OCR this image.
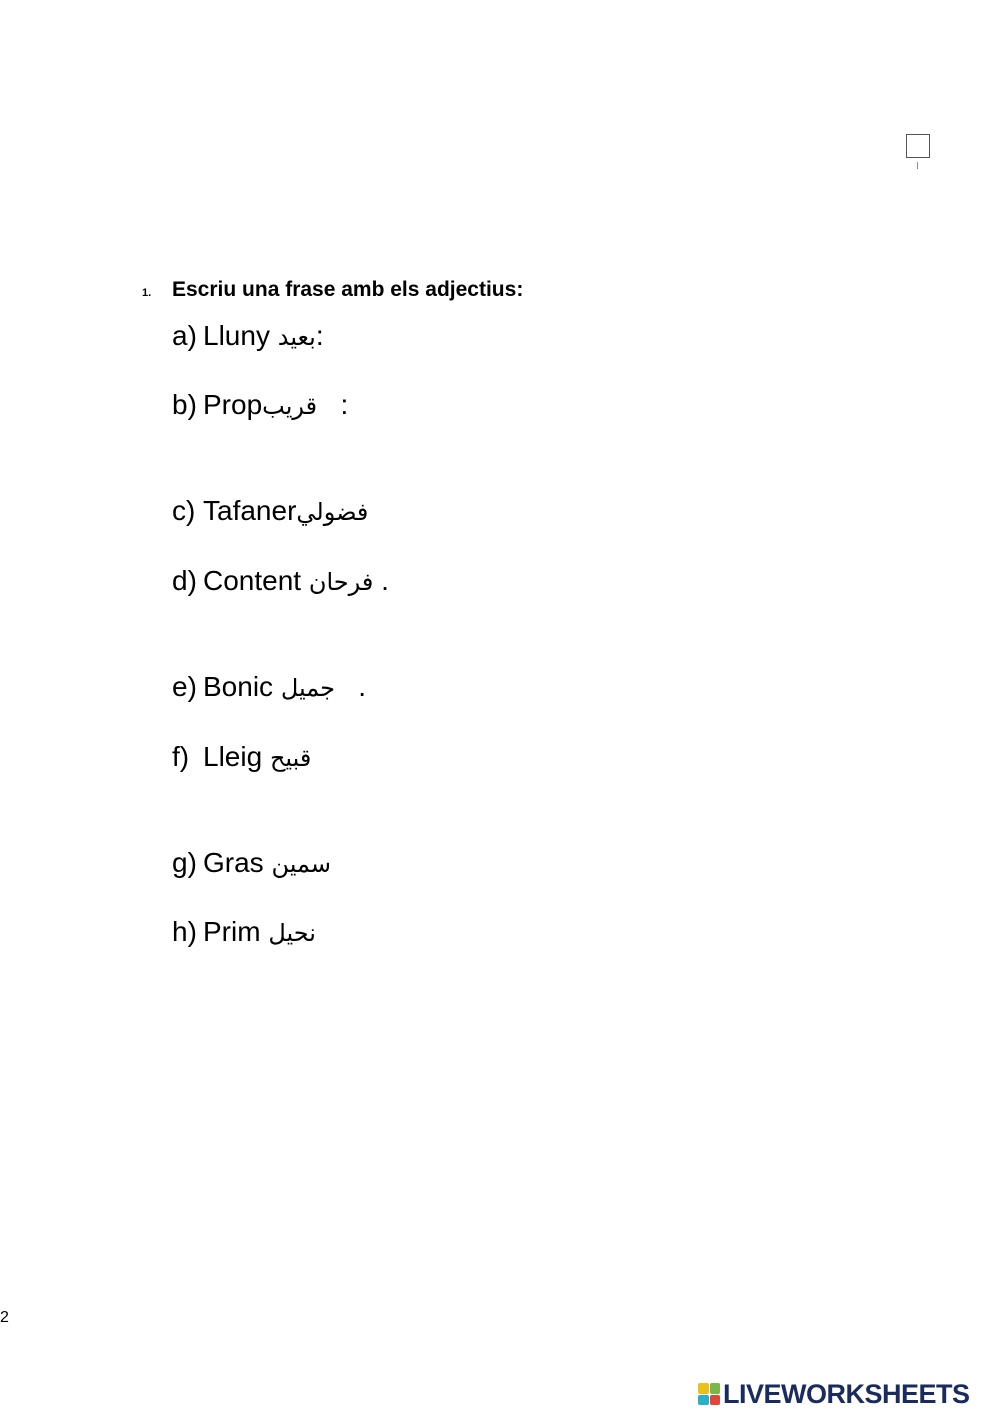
1. Escriu una frase amb els adjectius:
a) Lluny بعيد:
b) Propقريب   :
c) Tafanerفضولي
d) Content فرحان .
e) Bonic جميل   .
f) Lleig قبيح
g) Gras سمين
h) Prim نحيل
2
LIVEWORKSHEETS
